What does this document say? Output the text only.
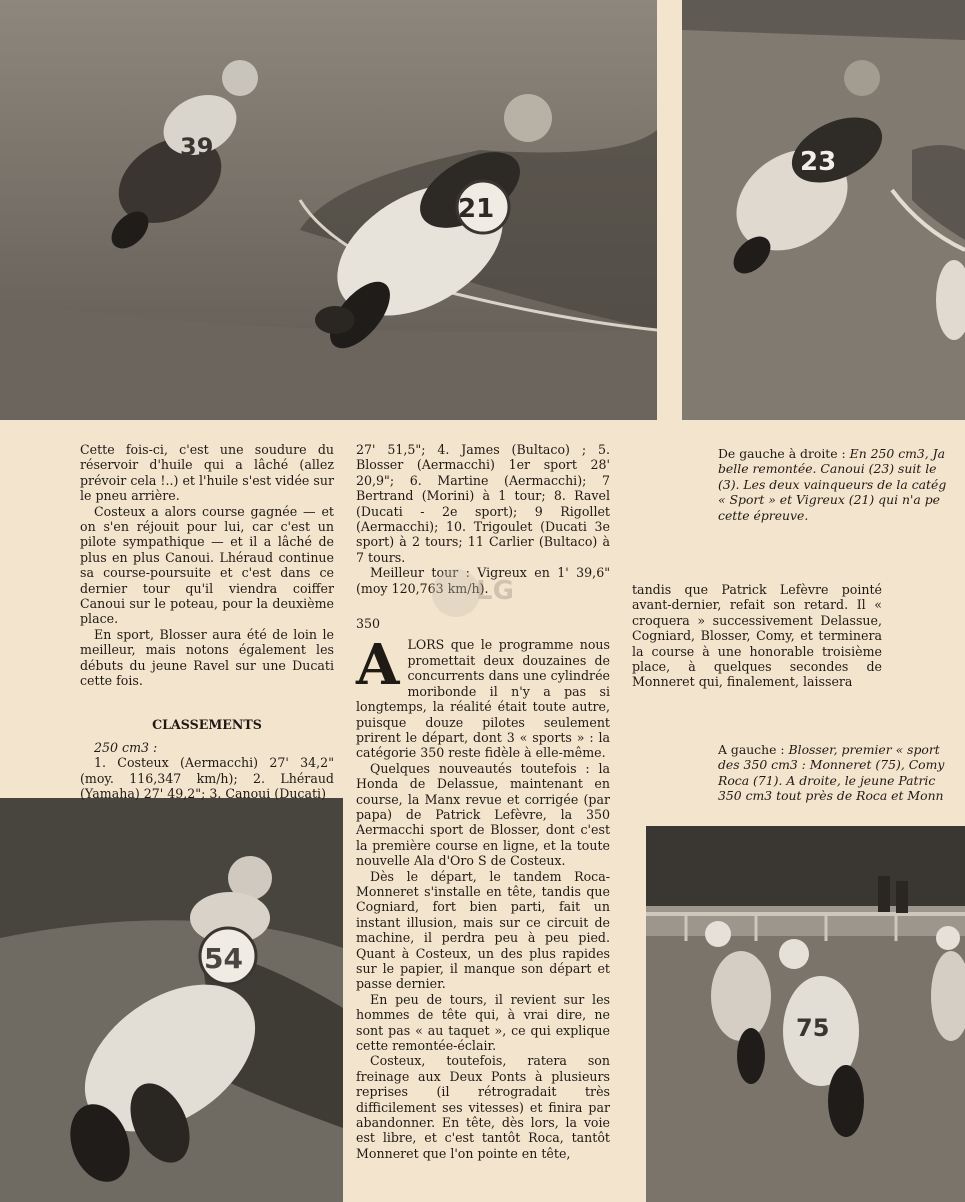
39
21
23
54
75

Cette fois-ci, c'est une soudure du réservoir d'huile qui a lâché (allez prévoir cela !..) et l'huile s'est vidée sur le pneu arrière.

Costeux a alors course gagnée — et on s'en réjouit pour lui, car c'est un pilote sympathique — et il a lâché de plus en plus Canoui. Lhéraud continue sa course-poursuite et c'est dans ce dernier tour qu'il viendra coiffer Canoui sur le poteau, pour la deuxième place.

En sport, Blosser aura été de loin le meilleur, mais notons également les débuts du jeune Ravel sur une Ducati cette fois.

CLASSEMENTS

250 cm3 :

1. Costeux (Aermacchi) 27' 34,2" (moy. 116,347 km/h); 2. Lhéraud (Yamaha) 27' 49,2"; 3. Canoui (Ducati)

27' 51,5"; 4. James (Bultaco) ; 5. Blosser (Aermacchi) 1er sport 28' 20,9"; 6. Martine (Aermacchi); 7 Bertrand (Morini) à 1 tour; 8. Ravel (Ducati - 2e sport); 9 Rigollet (Aermacchi); 10. Trigoulet (Ducati 3e sport) à 2 tours; 11 Carlier (Bultaco) à 7 tours.

Meilleur tour : Vigreux en 1' 39,6" (moy 120,763 km/h).

350

ALORS que le programme nous promettait deux douzaines de concurrents dans une cylindrée moribonde il n'y a pas si longtemps, la réalité était toute autre, puisque douze pilotes seulement prirent le départ, dont 3 « sports » : la catégorie 350 reste fidèle à elle-même.

Quelques nouveautés toutefois : la Honda de Delassue, maintenant en course, la Manx revue et corrigée (par papa) de Patrick Lefèvre, la 350 Aermacchi sport de Blosser, dont c'est la première course en ligne, et la toute nouvelle Ala d'Oro S de Costeux.

Dès le départ, le tandem Roca-Monneret s'installe en tête, tandis que Cogniard, fort bien parti, fait un instant illusion, mais sur ce circuit de machine, il perdra peu à peu pied. Quant à Costeux, un des plus rapides sur le papier, il manque son départ et passe dernier.

En peu de tours, il revient sur les hommes de tête qui, à vrai dire, ne sont pas « au taquet », ce qui explique cette remontée-éclair.

Costeux, toutefois, ratera son freinage aux Deux Ponts à plusieurs reprises (il rétrogradait très difficilement ses vitesses) et finira par abandonner. En tête, dès lors, la voie est libre, et c'est tantôt Roca, tantôt Monneret que l'on pointe en tête,

LG	tandis que Patrick Lefèvre pointé avant-dernier, refait son retard. Il « croquera » successivement Delassue, Cogniard, Blosser, Comy, et terminera la course à une honorable troisième place, à quelques secondes de Monneret qui, finalement, laissera

De gauche à droite : En 250 cm3, Ja
belle remontée. Canoui (23) suit le
(3). Les deux vainqueurs de la catég
« Sport » et Vigreux (21) qui n'a pe
cette épreuve.
A gauche : Blosser, premier « sport
des 350 cm3 : Monneret (75), Comy
Roca (71). A droite, le jeune Patric
350 cm3 tout près de Roca et Monn
